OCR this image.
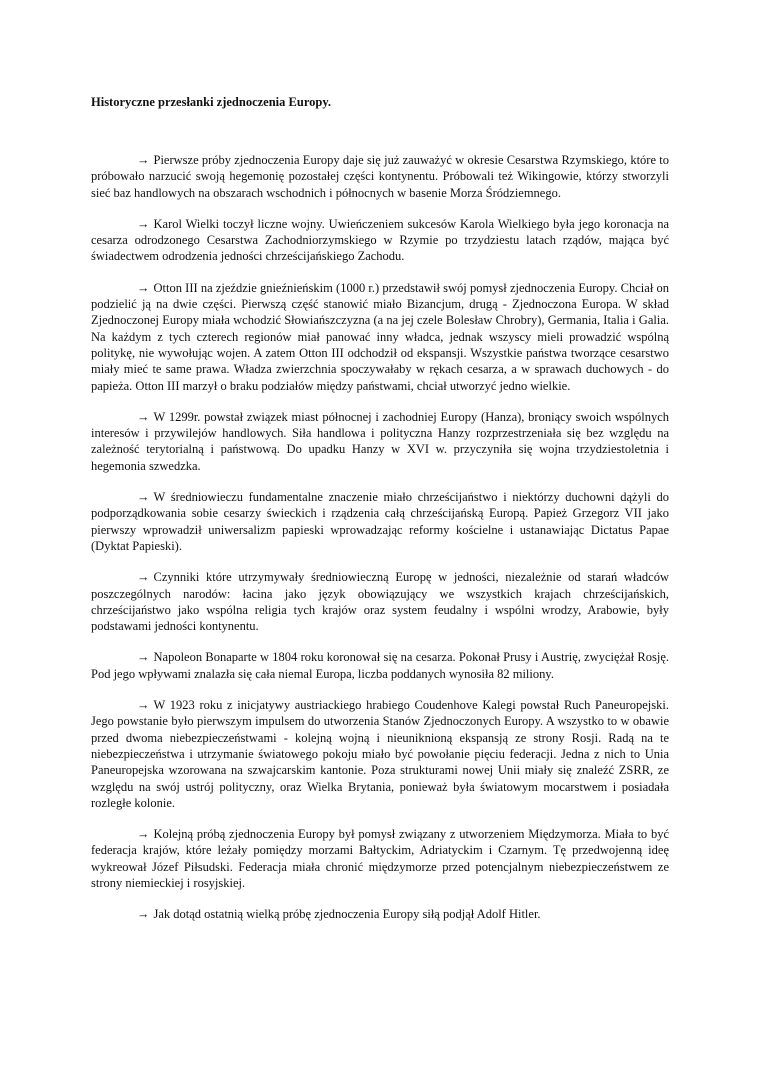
Historyczne przesłanki zjednoczenia Europy.

→ Pierwsze próby zjednoczenia Europy daje się już zauważyć w okresie Cesarstwa Rzymskiego, które to próbowało narzucić swoją hegemonię pozostałej części kontynentu. Próbowali też Wikingowie, którzy stworzyli sieć baz handlowych na obszarach wschodnich i północnych w basenie Morza Śródziemnego.

→ Karol Wielki toczył liczne wojny. Uwieńczeniem sukcesów Karola Wielkiego była jego koronacja na cesarza odrodzonego Cesarstwa Zachodniorzymskiego w Rzymie po trzydziestu latach rządów, mająca być świadectwem odrodzenia jedności chrześcijańskiego Zachodu.

→ Otton III na zjeździe gnieźnieńskim (1000 r.) przedstawił swój pomysł zjednoczenia Europy. Chciał on podzielić ją na dwie części. Pierwszą część stanowić miało Bizancjum, drugą - Zjednoczona Europa. W skład Zjednoczonej Europy miała wchodzić Słowiańszczyzna (a na jej czele Bolesław Chrobry), Germania, Italia i Galia. Na każdym z tych czterech regionów miał panować inny władca, jednak wszyscy mieli prowadzić wspólną politykę, nie wywołując wojen. A zatem Otton III odchodził od ekspansji. Wszystkie państwa tworzące cesarstwo miały mieć te same prawa. Władza zwierzchnia spoczywałaby w rękach cesarza, a w sprawach duchowych - do papieża. Otton III marzył o braku podziałów między państwami, chciał utworzyć jedno wielkie.

→ W 1299r. powstał związek miast północnej i zachodniej Europy (Hanza), broniący swoich wspólnych interesów i przywilejów handlowych. Siła handlowa i polityczna Hanzy rozprzestrzeniała się bez względu na zależność terytorialną i państwową. Do upadku Hanzy w XVI w. przyczyniła się wojna trzydziestoletnia i hegemonia szwedzka.

→ W średniowieczu fundamentalne znaczenie miało chrześcijaństwo i niektórzy duchowni dążyli do podporządkowania sobie cesarzy świeckich i rządzenia całą chrześcijańską Europą. Papież Grzegorz VII jako pierwszy wprowadził uniwersalizm papieski wprowadzając reformy kościelne i ustanawiając Dictatus Papae (Dyktat Papieski).

→ Czynniki które utrzymywały średniowieczną Europę w jedności, niezależnie od starań władców poszczególnych narodów: łacina jako język obowiązujący we wszystkich krajach chrześcijańskich, chrześcijaństwo jako wspólna religia tych krajów oraz system feudalny i wspólni wrodzy, Arabowie, były podstawami jedności kontynentu.

→ Napoleon Bonaparte w 1804 roku koronował się na cesarza. Pokonał Prusy i Austrię, zwyciężał Rosję. Pod jego wpływami znalazła się cała niemal Europa, liczba poddanych wynosiła 82 miliony.

→ W 1923 roku z inicjatywy austriackiego hrabiego Coudenhove Kalegi powstał Ruch Paneuropejski. Jego powstanie było pierwszym impulsem do utworzenia Stanów Zjednoczonych Europy. A wszystko to w obawie przed dwoma niebezpieczeństwami - kolejną wojną i nieuniknioną ekspansją ze strony Rosji. Radą na te niebezpieczeństwa i utrzymanie światowego pokoju miało być powołanie pięciu federacji. Jedna z nich to Unia Paneuropejska wzorowana na szwajcarskim kantonie. Poza strukturami nowej Unii miały się znaleźć ZSRR, ze względu na swój ustrój polityczny, oraz Wielka Brytania, ponieważ była światowym mocarstwem i posiadała rozległe kolonie.

→ Kolejną próbą zjednoczenia Europy był pomysł związany z utworzeniem Międzymorza. Miała to być federacja krajów, które leżały pomiędzy morzami Bałtyckim, Adriatyckim i Czarnym. Tę przedwojenną ideę wykreował Józef Piłsudski. Federacja miała chronić międzymorze przed potencjalnym niebezpieczeństwem ze strony niemieckiej i rosyjskiej.

→ Jak dotąd ostatnią wielką próbę zjednoczenia Europy siłą podjął Adolf Hitler.
